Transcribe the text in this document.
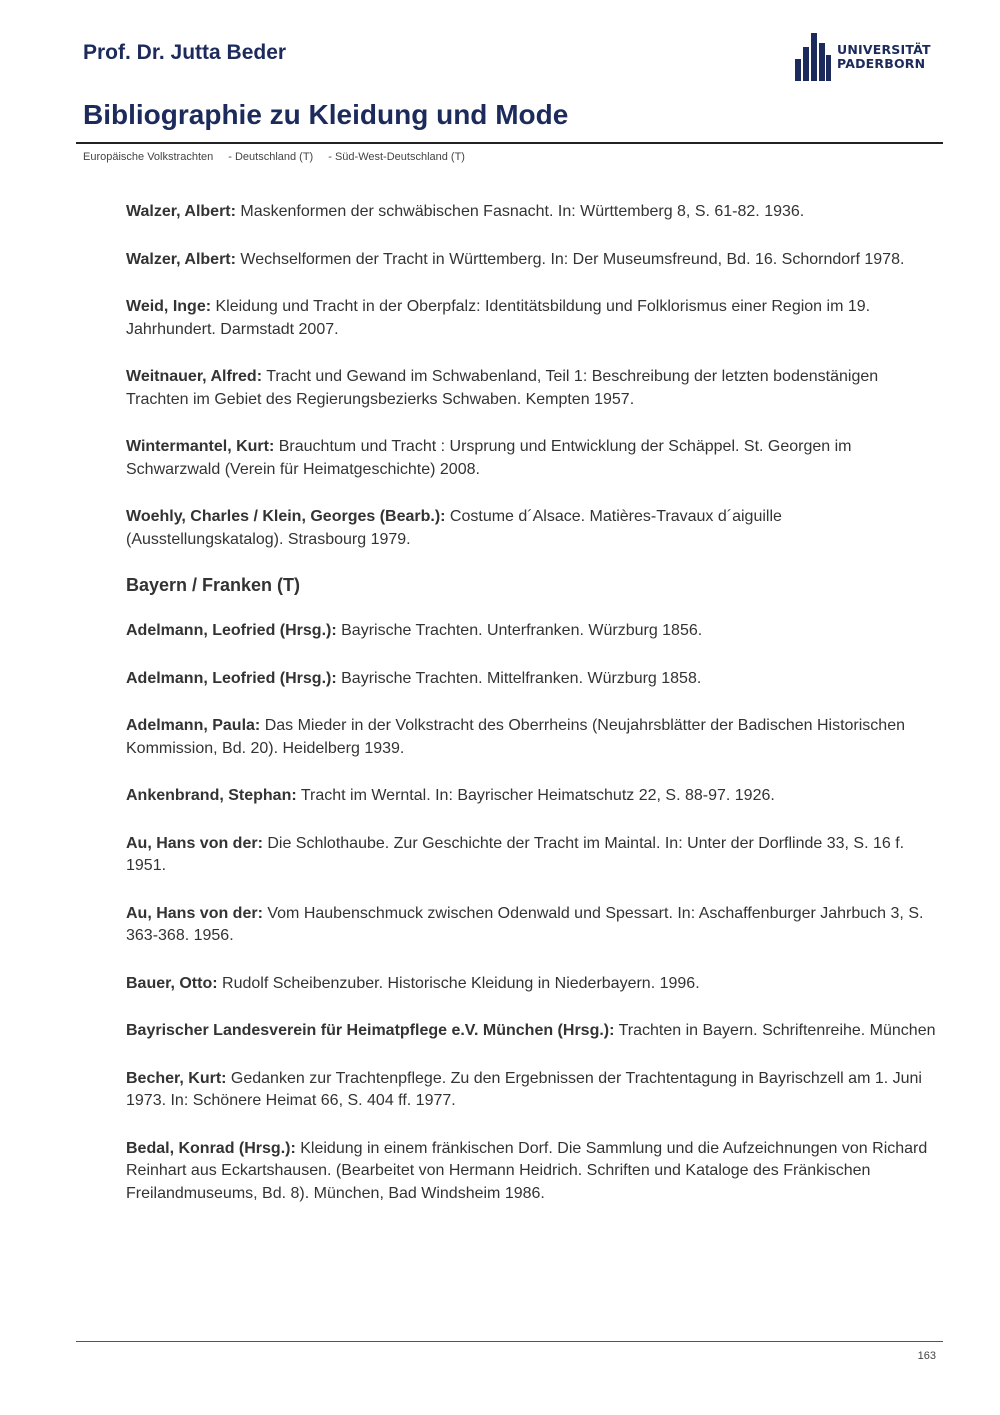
Prof. Dr. Jutta Beder	UNIVERSITÄT
PADERBORN
Bibliographie zu Kleidung und Mode
Europäische Volkstrachten - Deutschland (T) - Süd-West-Deutschland (T)
Walzer, Albert: Maskenformen der schwäbischen Fasnacht. In: Württemberg 8, S. 61-82. 1936.
Walzer, Albert: Wechselformen der Tracht in Württemberg. In: Der Museumsfreund, Bd. 16. Schorndorf 1978.
Weid, Inge: Kleidung und Tracht in der Oberpfalz: Identitätsbildung und Folklorismus einer Region im 19. Jahrhundert. Darmstadt 2007.
Weitnauer, Alfred: Tracht und Gewand im Schwabenland, Teil 1: Beschreibung der letzten bodenstänigen Trachten im Gebiet des Regierungsbezierks Schwaben. Kempten 1957.
Wintermantel, Kurt: Brauchtum und Tracht : Ursprung und Entwicklung der Schäppel. St. Georgen im Schwarzwald (Verein für Heimatgeschichte) 2008.
Woehly, Charles / Klein, Georges (Bearb.): Costume d´Alsace. Matières-Travaux d´aiguille (Ausstellungskatalog). Strasbourg 1979.
Bayern / Franken (T)
Adelmann, Leofried (Hrsg.): Bayrische Trachten. Unterfranken. Würzburg 1856.
Adelmann, Leofried (Hrsg.): Bayrische Trachten. Mittelfranken. Würzburg 1858.
Adelmann, Paula: Das Mieder in der Volkstracht des Oberrheins (Neujahrsblätter der Badischen Historischen Kommission, Bd. 20). Heidelberg 1939.
Ankenbrand, Stephan: Tracht im Werntal. In: Bayrischer Heimatschutz 22, S. 88-97. 1926.
Au, Hans von der: Die Schlothaube. Zur Geschichte der Tracht im Maintal. In: Unter der Dorflinde 33, S. 16 f. 1951.
Au, Hans von der: Vom Haubenschmuck zwischen Odenwald und Spessart. In: Aschaffenburger Jahrbuch 3, S. 363-368. 1956.
Bauer, Otto: Rudolf Scheibenzuber. Historische Kleidung in Niederbayern. 1996.
Bayrischer Landesverein für Heimatpflege e.V. München (Hrsg.): Trachten in Bayern. Schriftenreihe. München
Becher, Kurt: Gedanken zur Trachtenpflege. Zu den Ergebnissen der Trachtentagung in Bayrischzell am 1. Juni 1973. In: Schönere Heimat 66, S. 404 ff. 1977.
Bedal, Konrad (Hrsg.): Kleidung in einem fränkischen Dorf. Die Sammlung und die Aufzeichnungen von Richard Reinhart aus Eckartshausen. (Bearbeitet von Hermann Heidrich. Schriften und Kataloge des Fränkischen Freilandmuseums, Bd. 8). München, Bad Windsheim 1986.
163
